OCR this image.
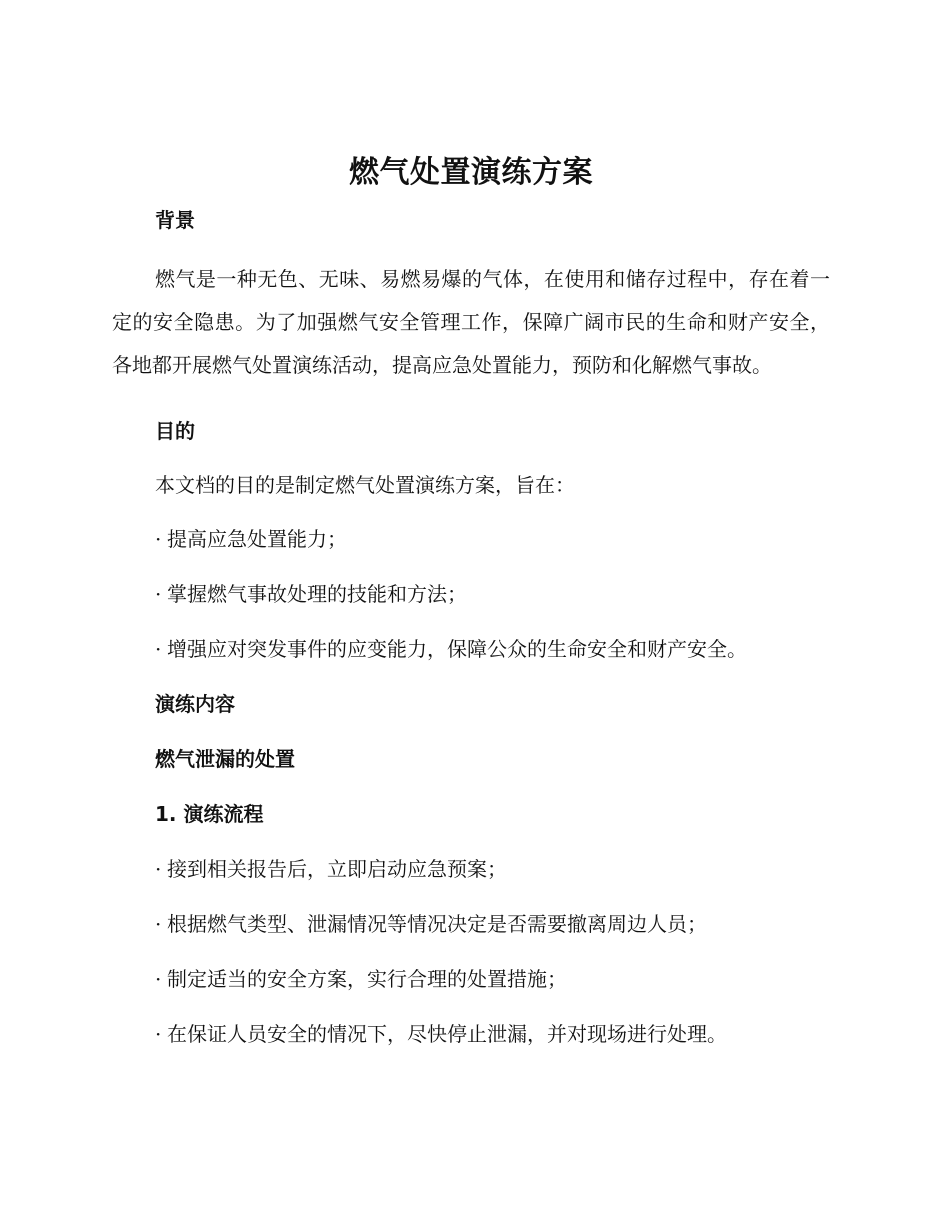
燃气处置演练方案
背景

燃气是一种无色、无味、易燃易爆的气体，在使用和储存过程中，存在着一定的安全隐患。为了加强燃气安全管理工作，保障广阔市民的生命和财产安全，各地都开展燃气处置演练活动，提高应急处置能力，预防和化解燃气事故。

目的

本文档的目的是制定燃气处置演练方案，旨在：

· 提高应急处置能力；

· 掌握燃气事故处理的技能和方法；

· 增强应对突发事件的应变能力，保障公众的生命安全和财产安全。

演练内容
燃气泄漏的处置
1. 演练流程

· 接到相关报告后，立即启动应急预案；

· 根据燃气类型、泄漏情况等情况决定是否需要撤离周边人员；

· 制定适当的安全方案，实行合理的处置措施；

· 在保证人员安全的情况下，尽快停止泄漏，并对现场进行处理。
